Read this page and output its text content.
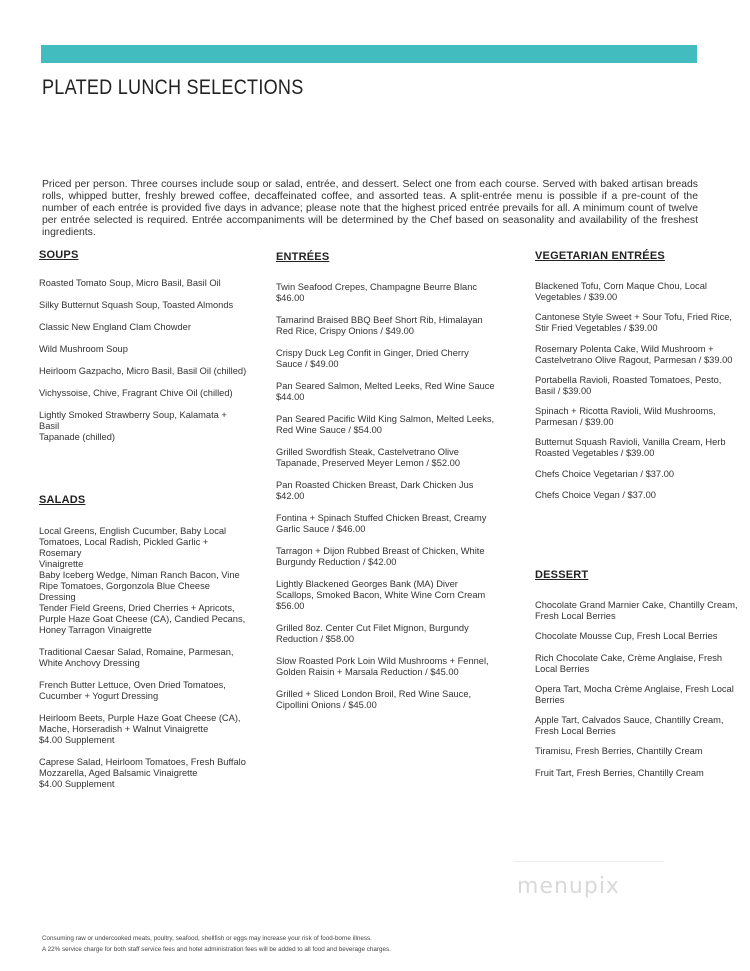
PLATED LUNCH SELECTIONS

Priced per person. Three courses include soup or salad, entrée, and dessert. Select one from each course. Served with baked artisan breads rolls, whipped butter, freshly brewed coffee, decaffeinated coffee, and assorted teas. A split-entrée menu is possible if a pre-count of the number of each entrée is provided five days in advance; please note that the highest priced entrée prevails for all. A minimum count of twelve per entrée selected is required. Entrée accompaniments will be determined by the Chef based on seasonality and availability of the freshest ingredients.

SOUPS

Roasted Tomato Soup, Micro Basil, Basil Oil

Silky Butternut Squash Soup, Toasted Almonds

Classic New England Clam Chowder

Wild Mushroom Soup

Heirloom Gazpacho, Micro Basil, Basil Oil (chilled)

Vichyssoise, Chive, Fragrant Chive Oil (chilled)

Lightly Smoked Strawberry Soup, Kalamata + Basil
Tapanade (chilled)

SALADS

Local Greens, English Cucumber, Baby Local
Tomatoes, Local Radish, Pickled Garlic + Rosemary
Vinaigrette

Baby Iceberg Wedge, Niman Ranch Bacon, Vine
Ripe Tomatoes, Gorgonzola Blue Cheese Dressing

Tender Field Greens, Dried Cherries + Apricots,
Purple Haze Goat Cheese (CA), Candied Pecans,
Honey Tarragon Vinaigrette

Traditional Caesar Salad, Romaine, Parmesan,
White Anchovy Dressing

French Butter Lettuce, Oven Dried Tomatoes,
Cucumber + Yogurt Dressing

Heirloom Beets, Purple Haze Goat Cheese (CA),
Mache, Horseradish + Walnut Vinaigrette
$4.00 Supplement

Caprese Salad, Heirloom Tomatoes, Fresh Buffalo
Mozzarella, Aged Balsamic Vinaigrette
$4.00 Supplement

ENTRÉES

Twin Seafood Crepes, Champagne Beurre Blanc
$46.00

Tamarind Braised BBQ Beef Short Rib, Himalayan
Red Rice, Crispy Onions / $49.00

Crispy Duck Leg Confit in Ginger, Dried Cherry
Sauce / $49.00

Pan Seared Salmon, Melted Leeks, Red Wine Sauce
$44.00

Pan Seared Pacific Wild King Salmon, Melted Leeks,
Red Wine Sauce / $54.00

Grilled Swordfish Steak, Castelvetrano Olive
Tapanade, Preserved Meyer Lemon / $52.00

Pan Roasted Chicken Breast, Dark Chicken Jus
$42.00

Fontina + Spinach Stuffed Chicken Breast, Creamy
Garlic Sauce / $46.00

Tarragon + Dijon Rubbed Breast of Chicken, White
Burgundy Reduction / $42.00

Lightly Blackened Georges Bank (MA) Diver
Scallops, Smoked Bacon, White Wine Corn Cream
$56.00

Grilled 8oz. Center Cut Filet Mignon, Burgundy
Reduction / $58.00

Slow Roasted Pork Loin Wild Mushrooms + Fennel,
Golden Raisin + Marsala Reduction / $45.00

Grilled + Sliced London Broil, Red Wine Sauce,
Cipollini Onions / $45.00

VEGETARIAN ENTRÉES

Blackened Tofu, Corn Maque Chou, Local
Vegetables / $39.00

Cantonese Style Sweet + Sour Tofu, Fried Rice,
Stir Fried Vegetables / $39.00

Rosemary Polenta Cake, Wild Mushroom +
Castelvetrano Olive Ragout, Parmesan / $39.00

Portabella Ravioli, Roasted Tomatoes, Pesto,
Basil / $39.00

Spinach + Ricotta Ravioli, Wild Mushrooms,
Parmesan / $39.00

Butternut Squash Ravioli, Vanilla Cream, Herb
Roasted Vegetables / $39.00

Chefs Choice Vegetarian / $37.00

Chefs Choice Vegan / $37.00

DESSERT

Chocolate Grand Marnier Cake, Chantilly Cream,
Fresh Local Berries

Chocolate Mousse Cup, Fresh Local Berries

Rich Chocolate Cake, Crème Anglaise, Fresh
Local Berries

Opera Tart, Mocha Crème Anglaise, Fresh Local
Berries

Apple Tart, Calvados Sauce, Chantilly Cream,
Fresh Local Berries

Tiramisu, Fresh Berries, Chantilly Cream

Fruit Tart, Fresh Berries, Chantilly Cream

menupix

Consuming raw or undercooked meats, poultry, seafood, shellfish or eggs may increase your risk of food-borne illness.

A 22% service charge for both staff service fees and hotel administration fees will be added to all food and beverage charges.
